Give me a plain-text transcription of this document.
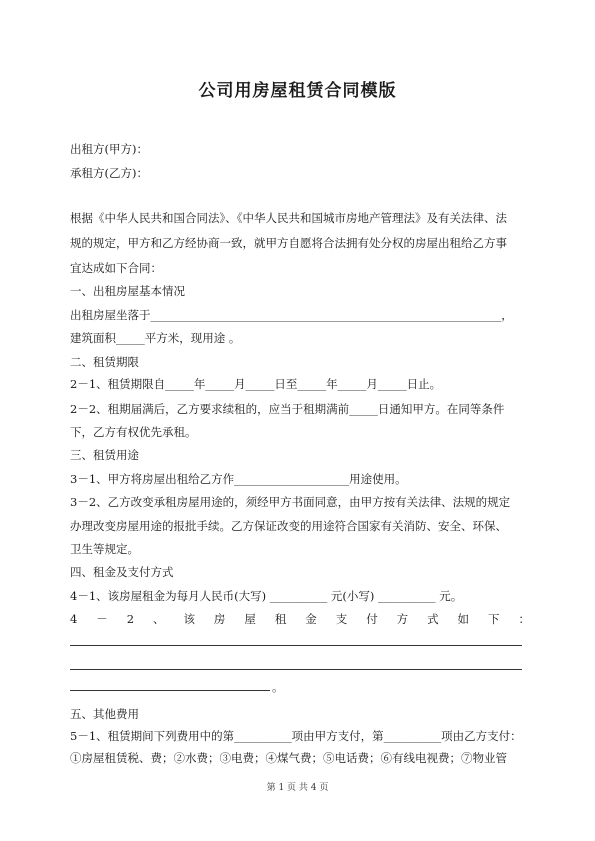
公司用房屋租赁合同模版
出租方(甲方)：
承租方(乙方)：
根据《中华人民共和国合同法》、《中华人民共和国城市房地产管理法》及有关法律、法
规的规定，甲方和乙方经协商一致，就甲方自愿将合法拥有处分权的房屋出租给乙方事
宜达成如下合同：
一、出租房屋基本情况
出租房屋坐落于_____________________________________________________________，
建筑面积_____平方米，现用途 。
二、租赁期限
2－1、租赁期限自_____年_____月_____日至_____年_____月_____日止。
2－2、租期届满后，乙方要求续租的，应当于租期满前_____日通知甲方。在同等条件
下，乙方有权优先承租。
三、租赁用途
3－1、甲方将房屋出租给乙方作____________________用途使用。
3－2、乙方改变承租房屋用途的，须经甲方书面同意，由甲方按有关法律、法规的规定
办理改变房屋用途的报批手续。乙方保证改变的用途符合国家有关消防、安全、环保、
卫生等规定。
四、租金及支付方式
4－1、该房屋租金为每月人民币(大写) __________ 元(小写) __________ 元。
4 － 2 、 该 房 屋 租 金 支 付 方 式 如 下 ：
。
五、其他费用
5－1、租赁期间下列费用中的第__________项由甲方支付，第__________项由乙方支付：
①房屋租赁税、费；②水费；③电费；④煤气费；⑤电话费；⑥有线电视费；⑦物业管
第 1 页 共 4 页
